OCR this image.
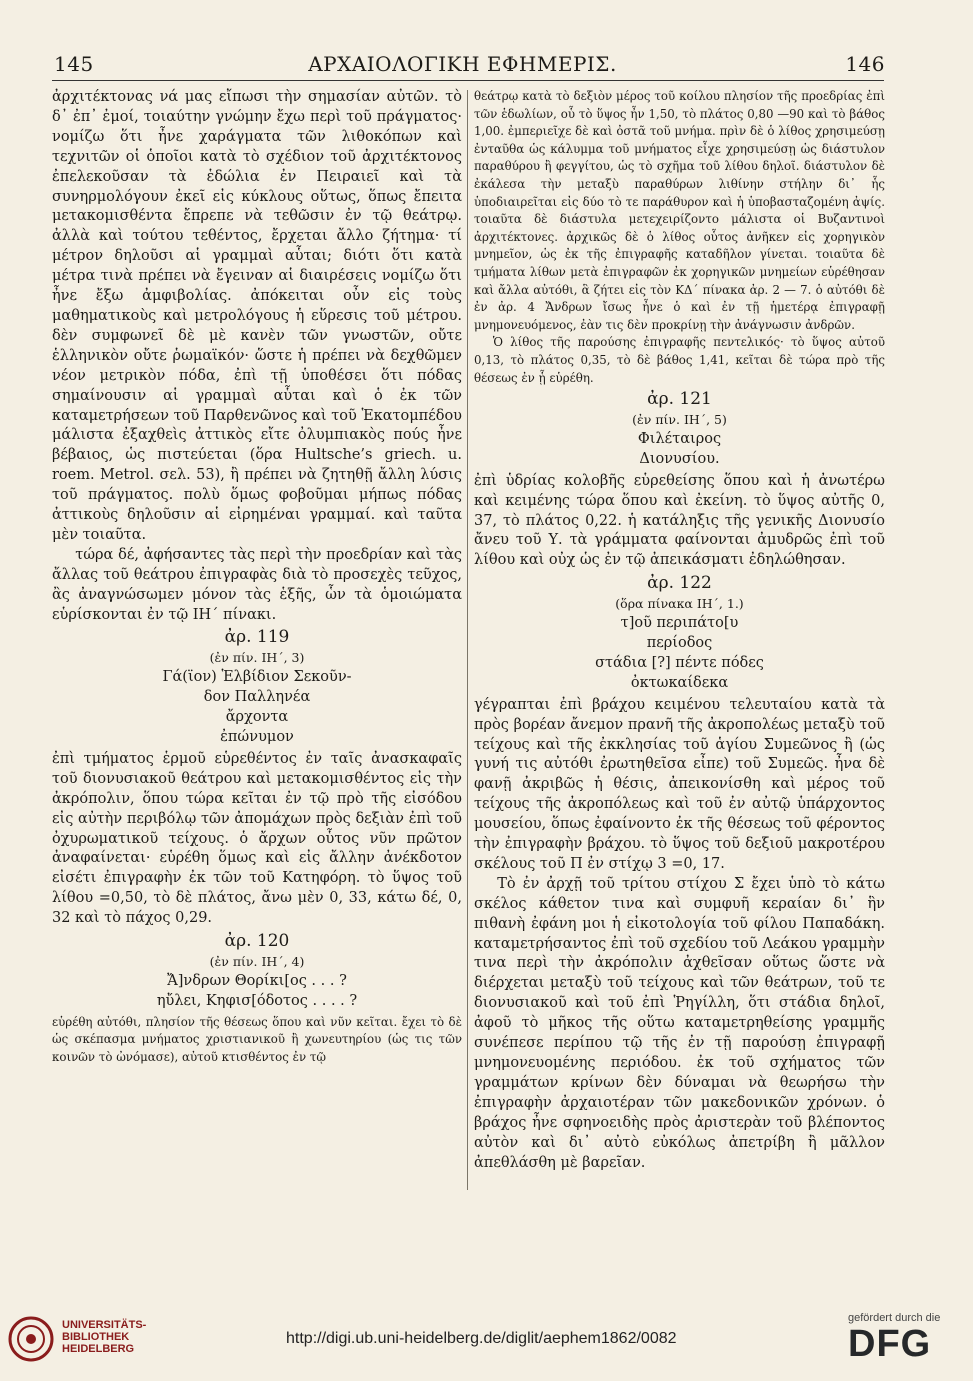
145	ΑΡΧΑΙΟΛΟΓΙΚΗ ΕΦΗΜΕΡΙΣ.	146

ἀρχιτέκτονας νά μας εἴπωσι τὴν σημασίαν αὐτῶν. τὸ δ᾽ ἐπ᾽ ἐμοί, τοιαύτην γνώμην ἔχω περὶ τοῦ πράγματος· νομίζω ὅτι ἦνε χαράγματα τῶν λιθοκόπων καὶ τεχνιτῶν οἱ ὁποῖοι κατὰ τὸ σχέδιον τοῦ ἀρχιτέκτονος ἐπελεκοῦσαν τὰ ἑδώλια ἐν Πειραιεῖ καὶ τὰ συνηρμολόγουν ἐκεῖ εἰς κύκλους οὕτως, ὅπως ἔπειτα μετακομισθέντα ἔπρεπε νὰ τεθῶσιν ἐν τῷ θεάτρῳ. ἀλλὰ καὶ τούτου τεθέντος, ἔρχεται ἄλλο ζήτημα· τί μέτρον δηλοῦσι αἱ γραμμαὶ αὗται; διότι ὅτι κατὰ μέτρα τινὰ πρέπει νὰ ἔγειναν αἱ διαιρέσεις νομίζω ὅτι ἦνε ἔξω ἀμφιβολίας. ἀπόκειται οὖν εἰς τοὺς μαθηματικοὺς καὶ μετρολόγους ἡ εὕρεσις τοῦ μέτρου. δὲν συμφωνεῖ δὲ μὲ κανὲν τῶν γνωστῶν, οὔτε ἑλληνικὸν οὔτε ῥωμαϊκόν· ὥστε ἡ πρέπει νὰ δεχθῶμεν νέον μετρικὸν πόδα, ἐπὶ τῇ ὑποθέσει ὅτι πόδας σημαίνουσιν αἱ γραμμαὶ αὗται καὶ ὁ ἐκ τῶν καταμετρήσεων τοῦ Παρθενῶνος καὶ τοῦ Ἑκατομπέδου μάλιστα ἐξαχθεὶς ἀττικὸς εἴτε ὀλυμπιακὸς πούς ἦνε βέβαιος, ὡς πιστεύεται (ὅρα Hultsche’s griech. u. roem. Metrol. σελ. 53), ἢ πρέπει νὰ ζητηθῇ ἄλλη λύσις τοῦ πράγματος. πολὺ ὅμως φοβοῦμαι μήπως πόδας ἀττικοὺς δηλοῦσιν αἱ εἰρημέναι γραμμαί. καὶ ταῦτα μὲν τοιαῦτα.

τώρα δέ, ἀφήσαντες τὰς περὶ τὴν προεδρίαν καὶ τὰς ἄλλας τοῦ θεάτρου ἐπιγραφὰς διὰ τὸ προσεχὲς τεῦχος, ἂς ἀναγνώσωμεν μόνον τὰς ἑξῆς, ὧν τὰ ὁμοιώματα εὑρίσκονται ἐν τῷ ΙΗ΄ πίνακι.

ἀρ. 119
(ἐν πίν. ΙΗ΄, 3)
Γά(ϊον) Ἑλβίδιον Σεκοῦν-
δον Παλληνέα
ἄρχοντα
ἐπώνυμον

ἐπὶ τμήματος ἑρμοῦ εὑρεθέντος ἐν ταῖς ἀνασκαφαῖς τοῦ διονυσιακοῦ θεάτρου καὶ μετακομισθέντος εἰς τὴν ἀκρόπολιν, ὅπου τώρα κεῖται ἐν τῷ πρὸ τῆς εἰσόδου εἰς αὐτὴν περιβόλῳ τῶν ἀπομάχων πρὸς δεξιὰν ἐπὶ τοῦ ὀχυρωματικοῦ τείχους. ὁ ἄρχων οὗτος νῦν πρῶτον ἀναφαίνεται· εὑρέθη ὅμως καὶ εἰς ἄλλην ἀνέκδοτον εἰσέτι ἐπιγραφὴν ἐκ τῶν τοῦ Κατηφόρη. τὸ ὕψος τοῦ λίθου =0,50, τὸ δὲ πλάτος, ἄνω μὲν 0, 33, κάτω δέ, 0, 32 καὶ τὸ πάχος 0,29.

ἀρ. 120
(ἐν πίν. ΙΗ΄, 4)
Ἄ]νδρων Θορίκι[ος . . . ?
ηὔλει, Κηφισ[όδοτος . . . . ?

εὑρέθη αὐτόθι, πλησίον τῆς θέσεως ὅπου καὶ νῦν κεῖται. ἔχει τὸ δὲ ὡς σκέπασμα μνήματος χριστιανικοῦ ἢ χωνευτηρίου (ὡς τις τῶν κοινῶν τὸ ὠνόμασε), αὐτοῦ κτισθέντος ἐν τῷ

θεάτρῳ κατὰ τὸ δεξιὸν μέρος τοῦ κοίλου πλησίον τῆς προεδρίας ἐπὶ τῶν ἑδωλίων, οὗ τὸ ὕψος ἦν 1,50, τὸ πλάτος 0,80 —90 καὶ τὸ βάθος 1,00. ἐμπεριεῖχε δὲ καὶ ὀστᾶ τοῦ μνήμα. πρὶν δὲ ὁ λίθος χρησιμεύσῃ ἐνταῦθα ὡς κάλυμμα τοῦ μνήματος εἶχε χρησιμεύσῃ ὡς διάστυλον παραθύρου ἢ φεγγίτου, ὡς τὸ σχῆμα τοῦ λίθου δηλοῖ. διάστυλον δὲ ἐκάλεσα τὴν μεταξὺ παραθύρων λιθίνην στήλην δι᾽ ἧς ὑποδιαιρεῖται εἰς δύο τὸ τε παράθυρον καὶ ἡ ὑποβασταζομένη ἀψίς. τοιαῦτα δὲ διάστυλα μετεχειρίζοντο μάλιστα οἱ Βυζαντινοὶ ἀρχιτέκτονες. ἀρχικῶς δὲ ὁ λίθος οὗτος ἀνῆκεν εἰς χορηγικὸν μνημεῖον, ὡς ἐκ τῆς ἐπιγραφῆς καταδῆλον γίνεται. τοιαῦτα δὲ τμήματα λίθων μετὰ ἐπιγραφῶν ἐκ χορηγικῶν μνημείων εὑρέθησαν καὶ ἄλλα αὐτόθι, ἃ ζήτει εἰς τὸν ΚΔ΄ πίνακα ἀρ. 2 — 7. ὁ αὐτόθι δὲ ἐν ἀρ. 4 Ἄνδρων ἴσως ἦνε ὁ καὶ ἐν τῇ ἡμετέρᾳ ἐπιγραφῇ μνημονευόμενος, ἐὰν τις δὲν προκρίνῃ τὴν ἀνάγνωσιν ἀνδρῶν.

Ὁ λίθος τῆς παρούσης ἐπιγραφῆς πεντελικός· τὸ ὕψος αὐτοῦ 0,13, τὸ πλάτος 0,35, τὸ δὲ βάθος 1,41, κεῖται δὲ τώρα πρὸ τῆς θέσεως ἐν ᾗ εὑρέθη.

ἀρ. 121
(ἐν πίν. ΙΗ΄, 5)
Φιλέταιρος
Διονυσίου.

ἐπὶ ὑδρίας κολοβῆς εὑρεθείσης ὅπου καὶ ἡ ἀνωτέρω καὶ κειμένης τώρα ὅπου καὶ ἐκείνη. τὸ ὕψος αὐτῆς 0, 37, τὸ πλάτος 0,22. ἡ κατάληξις τῆς γενικῆς Διονυσίο ἄνευ τοῦ Υ. τὰ γράμματα φαίνονται ἀμυδρῶς ἐπὶ τοῦ λίθου καὶ οὐχ ὡς ἐν τῷ ἀπεικάσματι ἐδηλώθησαν.

ἀρ. 122
(ὅρα πίνακα ΙΗ΄, 1.)
τ]οῦ περιπάτο[υ
περίοδος
στάδια [?] πέντε πόδες
ὀκτωκαίδεκα

γέγραπται ἐπὶ βράχου κειμένου τελευταίου κατὰ τὰ πρὸς βορέαν ἄνεμον πρανῆ τῆς ἀκροπολέως μεταξὺ τοῦ τείχους καὶ τῆς ἐκκλησίας τοῦ ἁγίου Συμεῶνος ἢ (ὡς γυνή τις αὐτόθι ἐρωτηθεῖσα εἶπε) τοῦ Συμεῶς. ἦνα δὲ φανῇ ἀκριβῶς ἡ θέσις, ἀπεικονίσθη καὶ μέρος τοῦ τείχους τῆς ἀκροπόλεως καὶ τοῦ ἐν αὐτῷ ὑπάρχοντος μουσείου, ὅπως ἐφαίνοντο ἐκ τῆς θέσεως τοῦ φέροντος τὴν ἐπιγραφὴν βράχου. τὸ ὕψος τοῦ δεξιοῦ μακροτέρου σκέλους τοῦ Π ἐν στίχῳ 3 =0, 17.

Τὸ ἐν ἀρχῇ τοῦ τρίτου στίχου Σ ἔχει ὑπὸ τὸ κάτω σκέλος κάθετον τινα καὶ συμφυῆ κεραίαν δι᾽ ἣν πιθανὴ ἐφάνη μοι ἡ εἰκοτολογία τοῦ φίλου Παπαδάκη. καταμετρήσαντος ἐπὶ τοῦ σχεδίου τοῦ Λεάκου γραμμὴν τινα περὶ τὴν ἀκρόπολιν ἀχθεῖσαν οὕτως ὥστε νὰ διέρχεται μεταξὺ τοῦ τείχους καὶ τῶν θεάτρων, τοῦ τε διονυσιακοῦ καὶ τοῦ ἐπὶ Ῥηγίλλη, ὅτι στάδια δηλοῖ, ἀφοῦ τὸ μῆκος τῆς οὕτω καταμετρηθείσης γραμμῆς συνέπεσε περίπου τῷ τῆς ἐν τῇ παρούσῃ ἐπιγραφῇ μνημονευομένης περιόδου. ἐκ τοῦ σχήματος τῶν γραμμάτων κρίνων δὲν δύναμαι νὰ θεωρήσω τὴν ἐπιγραφὴν ἀρχαιοτέραν τῶν μακεδονικῶν χρόνων. ὁ βράχος ἦνε σφηνοειδὴς πρὸς ἀριστερὰν τοῦ βλέποντος αὐτὸν καὶ δι᾽ αὐτὸ εὐκόλως ἀπετρίβη ἢ μᾶλλον ἀπεθλάσθη μὲ βαρεῖαν.

UNIVERSITÄTS-
BIBLIOTHEK
HEIDELBERG
http://digi.ub.uni-heidelberg.de/diglit/aephem1862/0082
gefördert durch die
DFG
